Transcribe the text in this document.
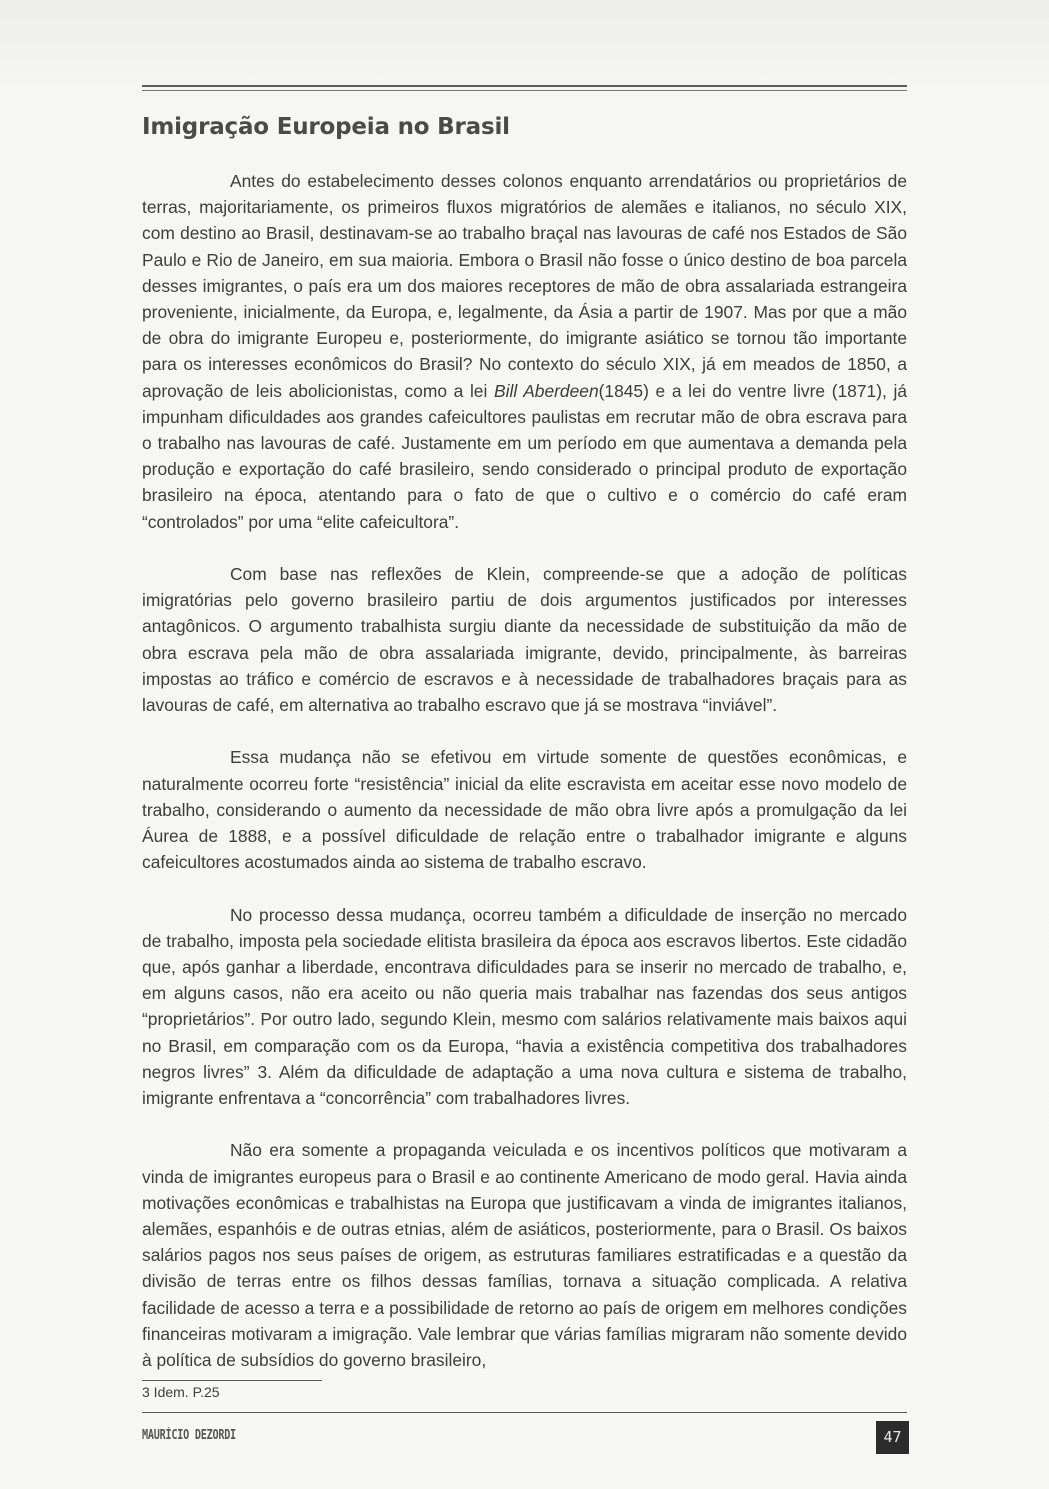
Imigração Europeia no Brasil

Antes do estabelecimento desses colonos enquanto arrendatários ou proprietários de terras, majoritariamente, os primeiros fluxos migratórios de alemães e italianos, no século XIX, com destino ao Brasil, destinavam-se ao trabalho braçal nas lavouras de café nos Estados de São Paulo e Rio de Janeiro, em sua maioria. Embora o Brasil não fosse o único destino de boa parcela desses imigrantes, o país era um dos maiores receptores de mão de obra assalariada estrangeira proveniente, inicialmente, da Europa, e, legalmente, da Ásia a partir de 1907. Mas por que a mão de obra do imigrante Europeu e, posteriormente, do imigrante asiático se tornou tão importante para os interesses econômicos do Brasil? No contexto do século XIX, já em meados de 1850, a aprovação de leis abolicionistas, como a lei Bill Aberdeen(1845) e a lei do ventre livre (1871), já impunham dificuldades aos grandes cafeicultores paulistas em recrutar mão de obra escrava para o trabalho nas lavouras de café. Justamente em um período em que aumentava a demanda pela produção e exportação do café brasileiro, sendo considerado o principal produto de exportação brasileiro na época, atentando para o fato de que o cultivo e o comércio do café eram “controlados” por uma “elite cafeicultora”.

Com base nas reflexões de Klein, compreende-se que a adoção de políticas imigratórias pelo governo brasileiro partiu de dois argumentos justificados por interesses antagônicos. O argumento trabalhista surgiu diante da necessidade de substituição da mão de obra escrava pela mão de obra assalariada imigrante, devido, principalmente, às barreiras impostas ao tráfico e comércio de escravos e à necessidade de trabalhadores braçais para as lavouras de café, em alternativa ao trabalho escravo que já se mostrava “inviável”.

Essa mudança não se efetivou em virtude somente de questões econômicas, e naturalmente ocorreu forte “resistência” inicial da elite escravista em aceitar esse novo modelo de trabalho, considerando o aumento da necessidade de mão obra livre após a promulgação da lei Áurea de 1888, e a possível dificuldade de relação entre o trabalhador imigrante e alguns cafeicultores acostumados ainda ao sistema de trabalho escravo.

No processo dessa mudança, ocorreu também a dificuldade de inserção no mercado de trabalho, imposta pela sociedade elitista brasileira da época aos escravos libertos. Este cidadão que, após ganhar a liberdade, encontrava dificuldades para se inserir no mercado de trabalho, e, em alguns casos, não era aceito ou não queria mais trabalhar nas fazendas dos seus antigos “proprietários”. Por outro lado, segundo Klein, mesmo com salários relativamente mais baixos aqui no Brasil, em comparação com os da Europa, “havia a existência competitiva dos trabalhadores negros livres” 3. Além da dificuldade de adaptação a uma nova cultura e sistema de trabalho, imigrante enfrentava a “concorrência” com trabalhadores livres.

Não era somente a propaganda veiculada e os incentivos políticos que motivaram a vinda de imigrantes europeus para o Brasil e ao continente Americano de modo geral. Havia ainda motivações econômicas e trabalhistas na Europa que justificavam a vinda de imigrantes italianos, alemães, espanhóis e de outras etnias, além de asiáticos, posteriormente, para o Brasil. Os baixos salários pagos nos seus países de origem, as estruturas familiares estratificadas e a questão da divisão de terras entre os filhos dessas famílias, tornava a situação complicada. A relativa facilidade de acesso a terra e a possibilidade de retorno ao país de origem em melhores condições financeiras motivaram a imigração. Vale lembrar que várias famílias migraram não somente devido à política de subsídios do governo brasileiro,

3 Idem. P.25
MAURÍCIO DEZORDI	47
